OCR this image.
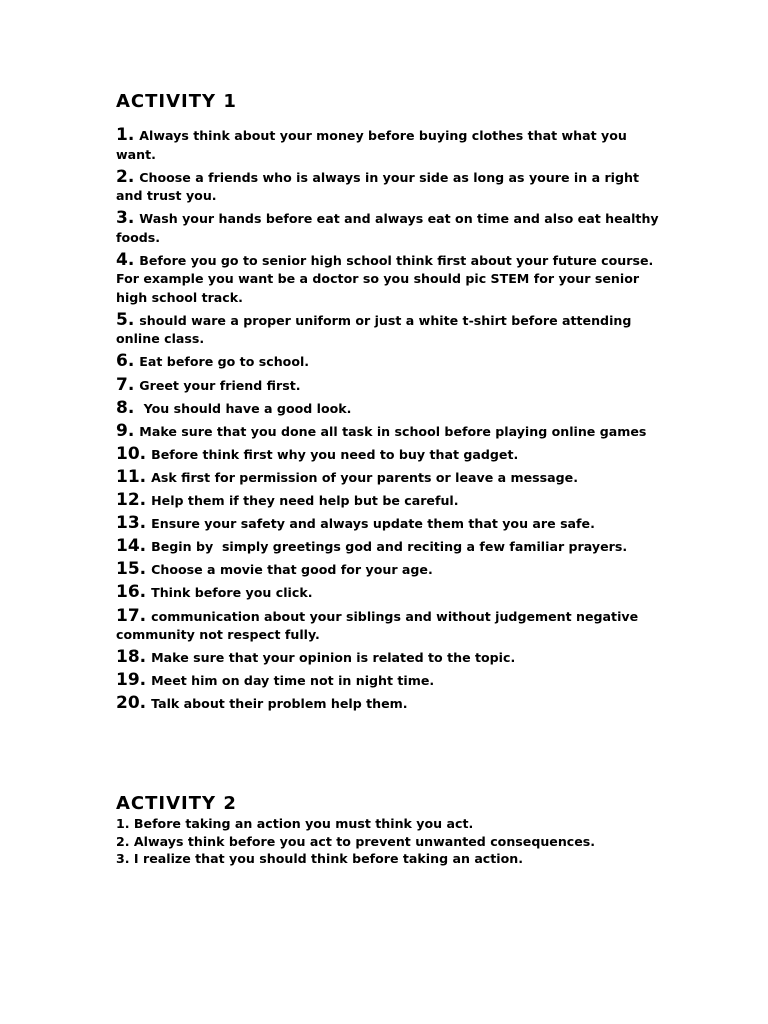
ACTIVITY 1
1. Always think about your money before buying clothes that what you want.
2. Choose a friends who is always in your side as long as youre in a right and trust you.
3. Wash your hands before eat and always eat on time and also eat healthy foods.
4. Before you go to senior high school think first about your future course. For example you want be a doctor so you should pic STEM for your senior high school track.
5. should ware a proper uniform or just a white t-shirt before attending online class.
6. Eat before go to school.
7. Greet your friend first.
8. You should have a good look.
9. Make sure that you done all task in school before playing online games
10. Before think first why you need to buy that gadget.
11. Ask first for permission of your parents or leave a message.
12. Help them if they need help but be careful.
13. Ensure your safety and always update them that you are safe.
14. Begin by  simply greetings god and reciting a few familiar prayers.
15. Choose a movie that good for your age.
16. Think before you click.
17. communication about your siblings and without judgement negative community not respect fully.
18. Make sure that your opinion is related to the topic.
19. Meet him on day time not in night time.
20. Talk about their problem help them.
ACTIVITY 2
1. Before taking an action you must think you act.
2. Always think before you act to prevent unwanted consequences.
3. I realize that you should think before taking an action.
